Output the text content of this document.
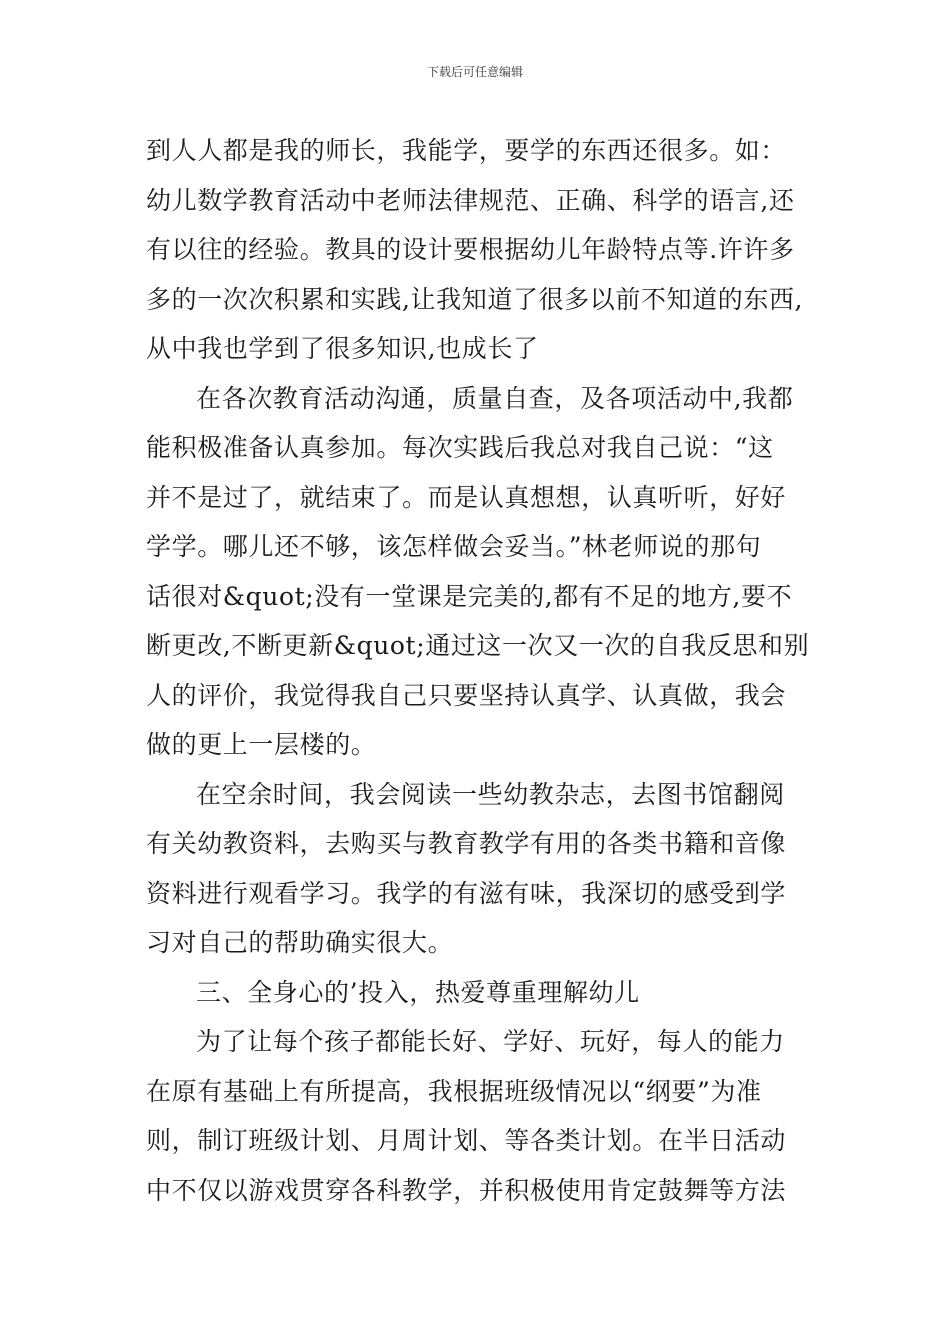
下载后可任意编辑
到人人都是我的师长，我能学，要学的东西还很多。如：
幼儿数学教育活动中老师法律规范、正确、科学的语言,还
有以往的经验。教具的设计要根据幼儿年龄特点等.许许多
多的一次次积累和实践,让我知道了很多以前不知道的东西,
从中我也学到了很多知识,也成长了
在各次教育活动沟通，质量自查，及各项活动中,我都
能积极准备认真参加。每次实践后我总对我自己说：“这
并不是过了，就结束了。而是认真想想，认真听听，好好
学学。哪儿还不够，该怎样做会妥当。”林老师说的那句
话很对&quot;没有一堂课是完美的,都有不足的地方,要不
断更改,不断更新&quot;通过这一次又一次的自我反思和别
人的评价，我觉得我自己只要坚持认真学、认真做，我会
做的更上一层楼的。
在空余时间，我会阅读一些幼教杂志，去图书馆翻阅
有关幼教资料，去购买与教育教学有用的各类书籍和音像
资料进行观看学习。我学的有滋有味，我深切的感受到学
习对自己的帮助确实很大。
三、全身心的’投入，热爱尊重理解幼儿
为了让每个孩子都能长好、学好、玩好，每人的能力
在原有基础上有所提高，我根据班级情况以“纲要”为准
则，制订班级计划、月周计划、等各类计划。在半日活动
中不仅以游戏贯穿各科教学，并积极使用肯定鼓舞等方法
